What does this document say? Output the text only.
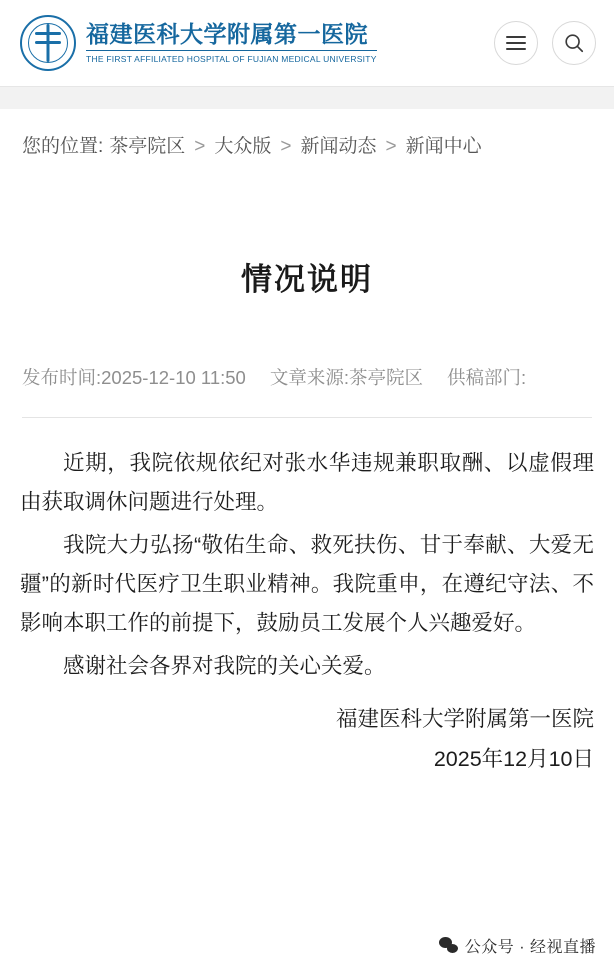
福建医科大学附属第一医院
THE FIRST AFFILIATED HOSPITAL OF FUJIAN MEDICAL UNIVERSITY
您的位置: 茶亭院区 > 大众版 > 新闻动态 > 新闻中心
情况说明
发布时间:2025-12-10 11:50 文章来源:茶亭院区 供稿部门:

近期，我院依规依纪对张水华违规兼职取酬、以虚假理由获取调休问题进行处理。

我院大力弘扬“敬佑生命、救死扶伤、甘于奉献、大爱无疆”的新时代医疗卫生职业精神。我院重申，在遵纪守法、不影响本职工作的前提下，鼓励员工发展个人兴趣爱好。

感谢社会各界对我院的关心关爱。

福建医科大学附属第一医院
2025年12月10日
公众号 · 经视直播
